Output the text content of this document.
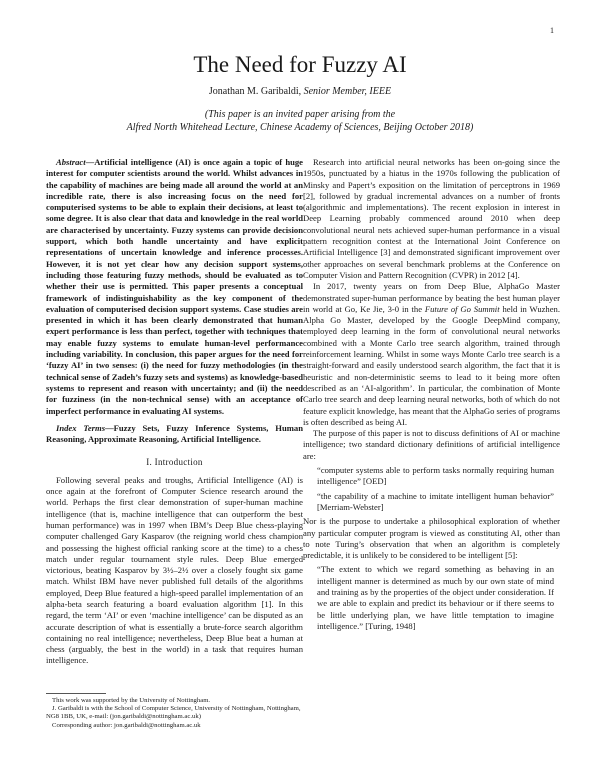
1
The Need for Fuzzy AI
Jonathan M. Garibaldi, Senior Member, IEEE
(This paper is an invited paper arising from the
Alfred North Whitehead Lecture, Chinese Academy of Sciences, Beijing October 2018)

Abstract—Artificial intelligence (AI) is once again a topic of huge interest for computer scientists around the world. Whilst advances in the capability of machines are being made all around the world at an incredible rate, there is also increasing focus on the need for computerised systems to be able to explain their decisions, at least to some degree. It is also clear that data and knowledge in the real world are characterised by uncertainty. Fuzzy systems can provide decision support, which both handle uncertainty and have explicit representations of uncertain knowledge and inference processes. However, it is not yet clear how any decision support systems, including those featuring fuzzy methods, should be evaluated as to whether their use is permitted. This paper presents a conceptual framework of indistinguishability as the key component of the evaluation of computerised decision support systems. Case studies are presented in which it has been clearly demonstrated that human expert performance is less than perfect, together with techniques that may enable fuzzy systems to emulate human-level performance including variability. In conclusion, this paper argues for the need for ‘fuzzy AI’ in two senses: (i) the need for fuzzy methodologies (in the technical sense of Zadeh’s fuzzy sets and systems) as knowledge-based systems to represent and reason with uncertainty; and (ii) the need for fuzziness (in the non-technical sense) with an acceptance of imperfect performance in evaluating AI systems.

Index Terms—Fuzzy Sets, Fuzzy Inference Systems, Human Reasoning, Approximate Reasoning, Artificial Intelligence.

I. Introduction

Following several peaks and troughs, Artificial Intelligence (AI) is once again at the forefront of Computer Science research around the world. Perhaps the first clear demonstration of super-human machine intelligence (that is, machine intelligence that can outperform the best human performance) was in 1997 when IBM’s Deep Blue chess-playing computer challenged Gary Kasparov (the reigning world chess champion and possessing the highest official ranking score at the time) to a chess match under regular tournament style rules. Deep Blue emerged victorious, beating Kasparov by 3½–2½ over a closely fought six game match. Whilst IBM have never published full details of the algorithms employed, Deep Blue featured a high-speed parallel implementation of an alpha-beta search featuring a board evaluation algorithm [1]. In this regard, the term ‘AI’ or even ‘machine intelligence’ can be disputed as an accurate description of what is essentially a brute-force search algorithm containing no real intelligence; nevertheless, Deep Blue beat a human at chess (arguably, the best in the world) in a task that requires human intelligence.

This work was supported by the University of Nottingham.
J. Garibaldi is with the School of Computer Science, University of Nottingham, Nottingham, NG8 1BB, UK, e-mail: (jon.garibaldi@nottingham.ac.uk)
Corresponding author: jon.garibaldi@nottingham.ac.uk

Research into artificial neural networks has been on-going since the 1950s, punctuated by a hiatus in the 1970s following the publication of Minsky and Papert’s exposition on the limitation of perceptrons in 1969 [2], followed by gradual incremental advances on a number of fronts (algorithmic and implementations). The recent explosion in interest in Deep Learning probably commenced around 2010 when deep convolutional neural nets achieved super-human performance in a visual pattern recognition contest at the International Joint Conference on Artificial Intelligence [3] and demonstrated significant improvement over other approaches on several benchmark problems at the Conference on Computer Vision and Pattern Recognition (CVPR) in 2012 [4].

In 2017, twenty years on from Deep Blue, AlphaGo Master demonstrated super-human performance by beating the best human player in world at Go, Ke Jie, 3-0 in the Future of Go Summit held in Wuzhen. Alpha Go Master, developed by the Google DeepMind company, employed deep learning in the form of convolutional neural networks combined with a Monte Carlo tree search algorithm, trained through reinforcement learning. Whilst in some ways Monte Carlo tree search is a straight-forward and easily understood search algorithm, the fact that it is heuristic and non-deterministic seems to lead to it being more often described as an ‘AI-algorithm’. In particular, the combination of Monte Carlo tree search and deep learning neural networks, both of which do not feature explicit knowledge, has meant that the AlphaGo series of programs is often described as being AI.

The purpose of this paper is not to discuss definitions of AI or machine intelligence; two standard dictionary definitions of artificial intelligence are:

“computer systems able to perform tasks normally requiring human intelligence” [OED]

“the capability of a machine to imitate intelligent human behavior” [Merriam-Webster]

Nor is the purpose to undertake a philosophical exploration of whether any particular computer program is viewed as constituting AI, other than to note Turing’s observation that when an algorithm is completely predictable, it is unlikely to be considered to be intelligent [5]:

“The extent to which we regard something as behaving in an intelligent manner is determined as much by our own state of mind and training as by the properties of the object under consideration. If we are able to explain and predict its behaviour or if there seems to be little underlying plan, we have little temptation to imagine intelligence.” [Turing, 1948]
